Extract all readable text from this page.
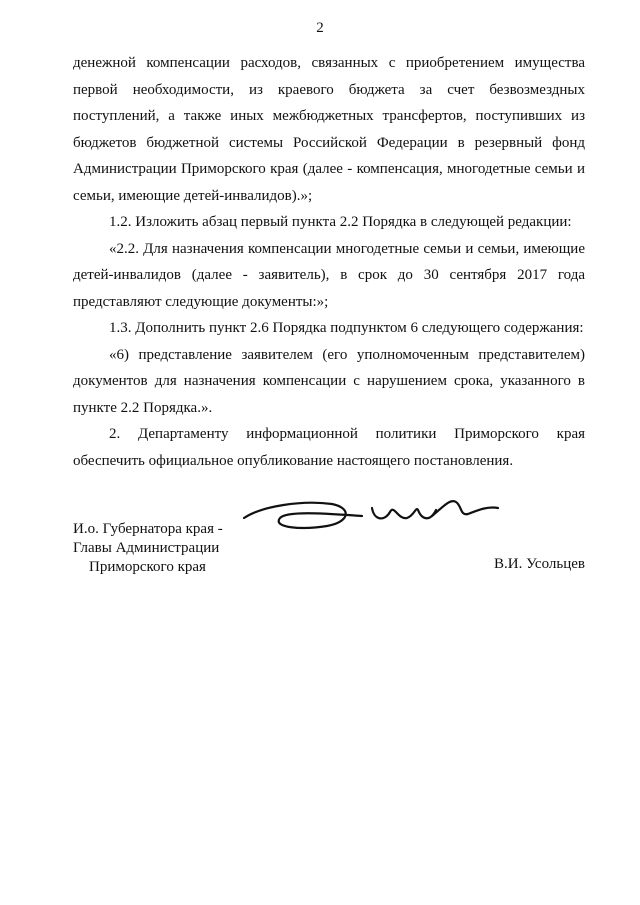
2

денежной компенсации расходов, связанных с приобретением имущества первой необходимости, из краевого бюджета за счет безвозмездных поступлений, а также иных межбюджетных трансфертов, поступивших из бюджетов бюджетной системы Российской Федерации в резервный фонд Администрации Приморского края (далее - компенсация, многодетные семьи и семьи, имеющие детей-инвалидов).»;

1.2. Изложить абзац первый пункта 2.2 Порядка в следующей редакции:

«2.2. Для назначения компенсации многодетные семьи и семьи, имеющие детей-инвалидов (далее - заявитель), в срок до 30 сентября 2017 года представляют следующие документы:»;

1.3. Дополнить пункт 2.6 Порядка подпунктом 6 следующего содержания:

«6) представление заявителем (его уполномоченным представителем) документов для назначения компенсации с нарушением срока, указанного в пункте 2.2 Порядка.».

2. Департаменту информационной политики Приморского края обеспечить официальное опубликование настоящего постановления.

И.о. Губернатора края -
Главы Администрации
Приморского края	В.И. Усольцев
